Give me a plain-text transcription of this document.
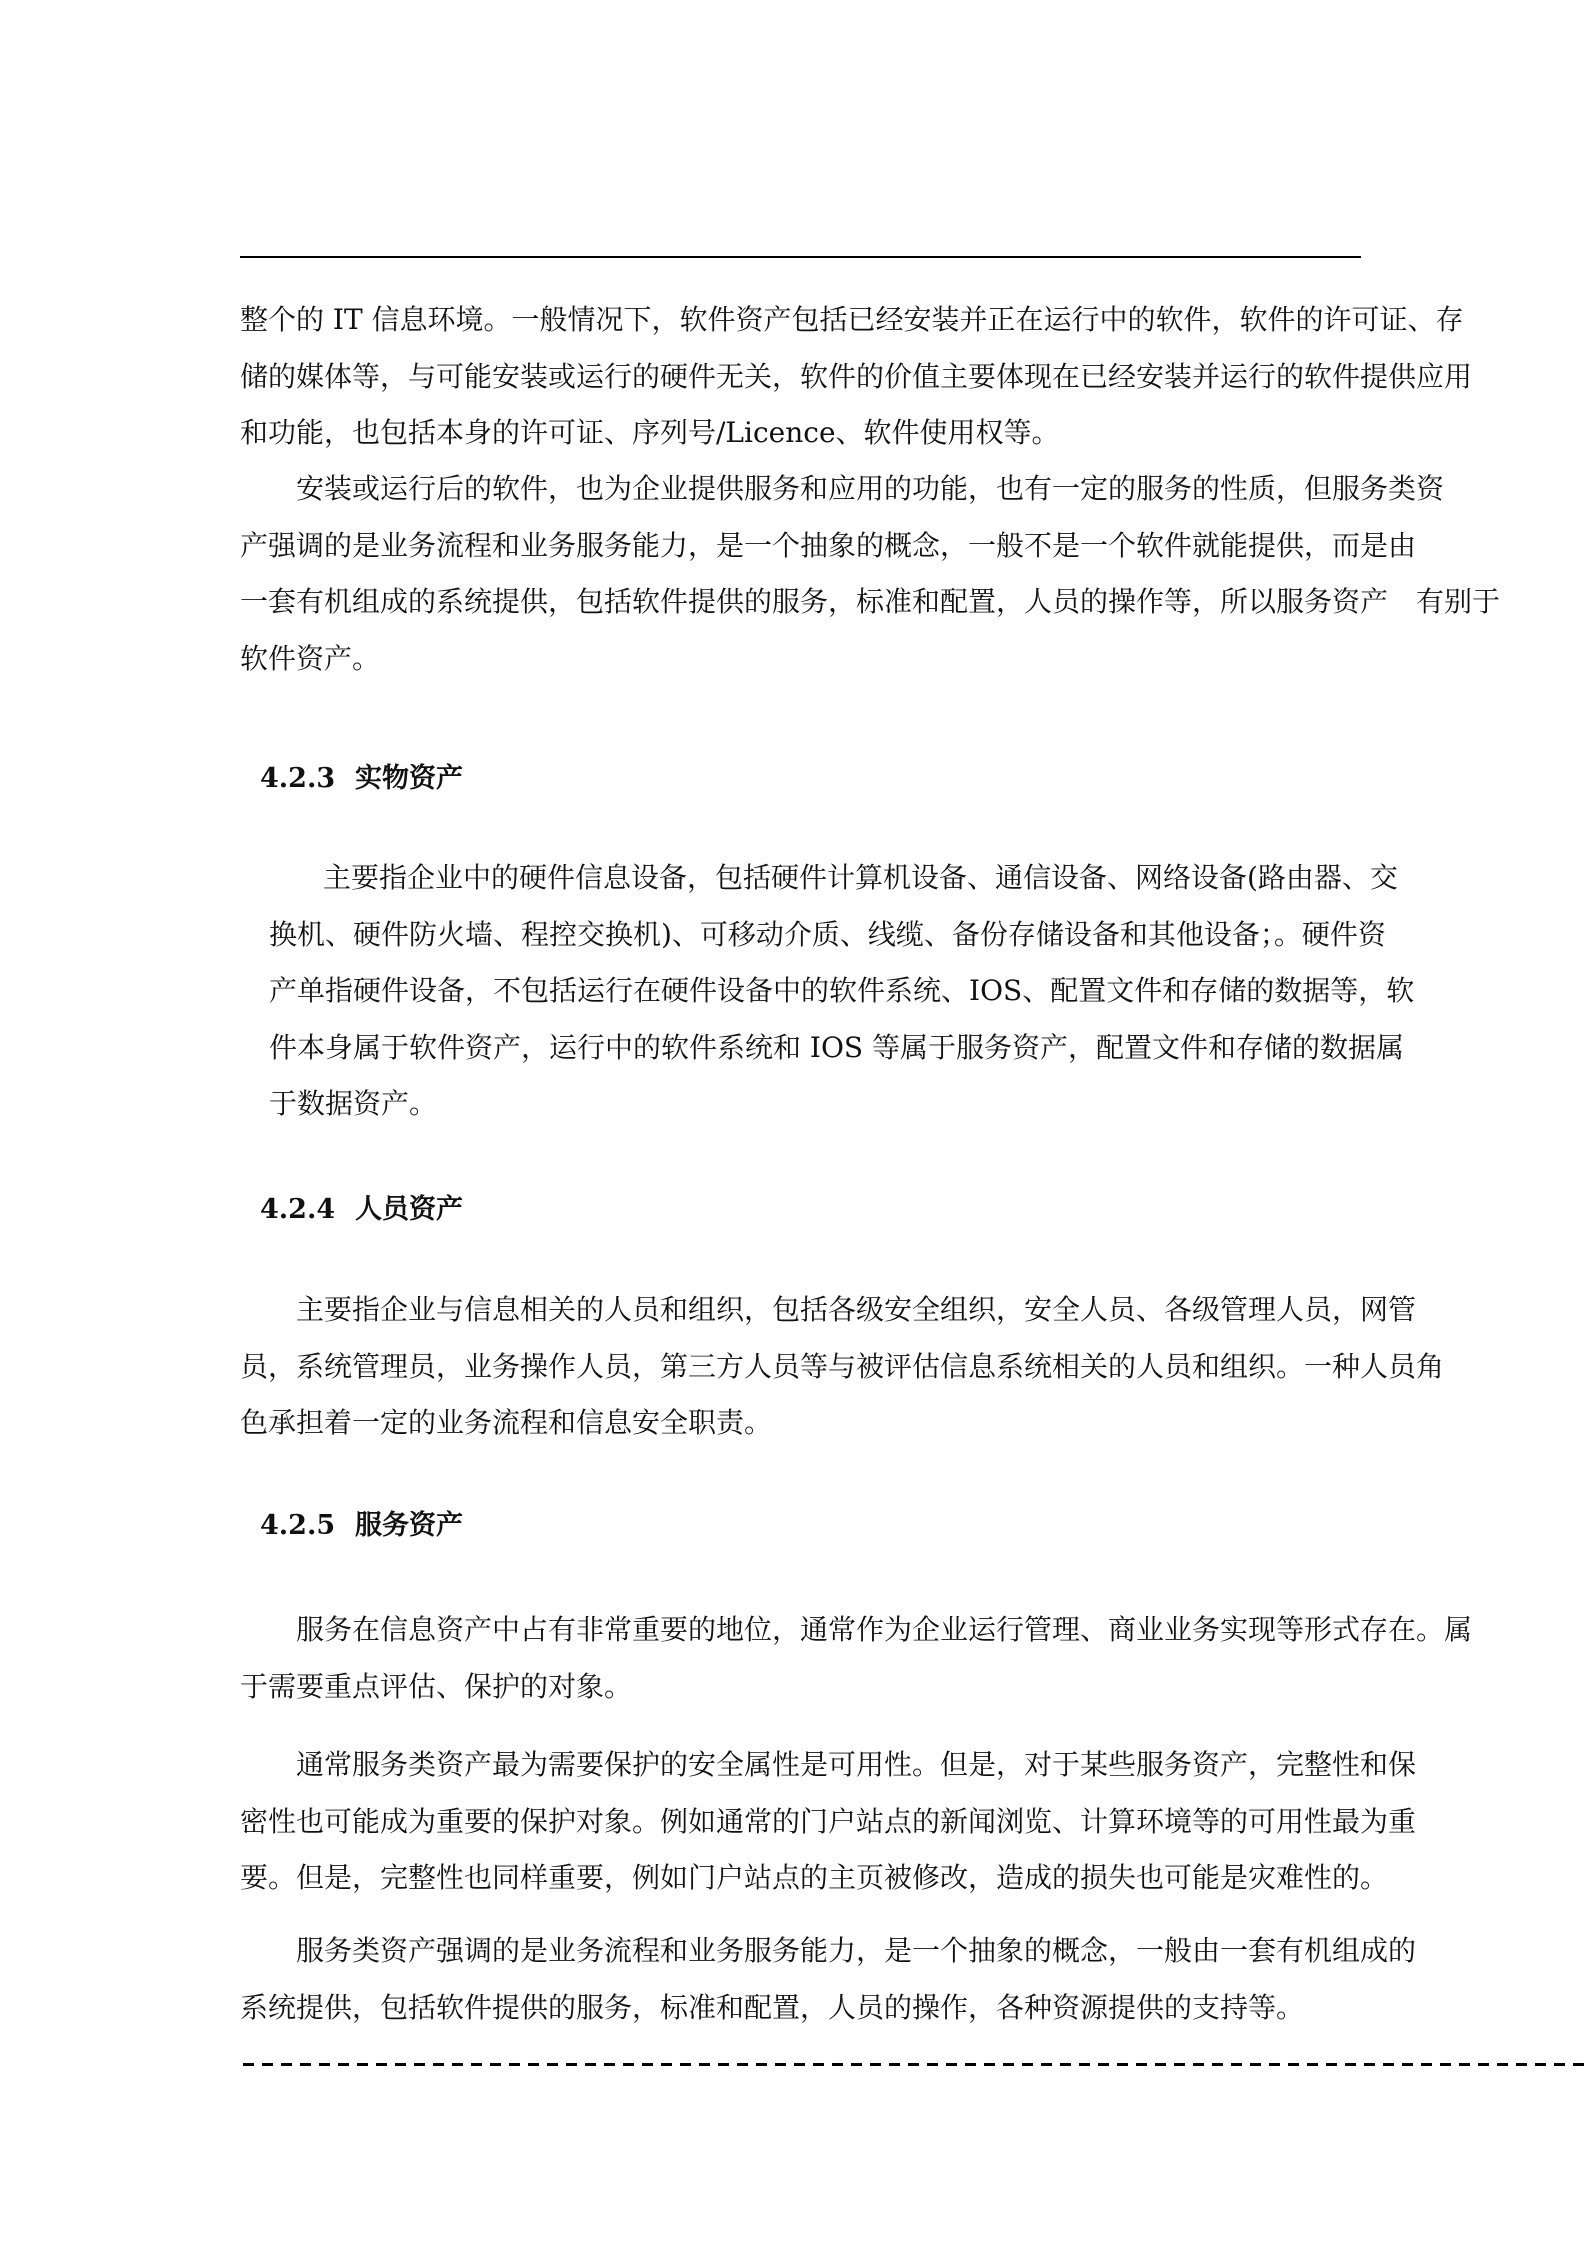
整个的 IT 信息环境。一般情况下，软件资产包括已经安装并正在运行中的软件，软件的许可证、存
储的媒体等，与可能安装或运行的硬件无关，软件的价值主要体现在已经安装并运行的软件提供应用
和功能，也包括本身的许可证、序列号/Licence、软件使用权等。
安装或运行后的软件，也为企业提供服务和应用的功能，也有一定的服务的性质，但服务类资
产强调的是业务流程和业务服务能力，是一个抽象的概念，一般不是一个软件就能提供，而是由
一套有机组成的系统提供，包括软件提供的服务，标准和配置，人员的操作等，所以服务资产　有别于
软件资产。
4.2.3 实物资产
主要指企业中的硬件信息设备，包括硬件计算机设备、通信设备、网络设备(路由器、交
换机、硬件防火墙、程控交换机)、可移动介质、线缆、备份存储设备和其他设备；。硬件资
产单指硬件设备，不包括运行在硬件设备中的软件系统、IOS、配置文件和存储的数据等，软
件本身属于软件资产，运行中的软件系统和 IOS 等属于服务资产，配置文件和存储的数据属
于数据资产。
4.2.4 人员资产
主要指企业与信息相关的人员和组织，包括各级安全组织，安全人员、各级管理人员，网管
员，系统管理员，业务操作人员，第三方人员等与被评估信息系统相关的人员和组织。一种人员角
色承担着一定的业务流程和信息安全职责。
4.2.5 服务资产
服务在信息资产中占有非常重要的地位，通常作为企业运行管理、商业业务实现等形式存在。属
于需要重点评估、保护的对象。
通常服务类资产最为需要保护的安全属性是可用性。但是，对于某些服务资产，完整性和保
密性也可能成为重要的保护对象。例如通常的门户站点的新闻浏览、计算环境等的可用性最为重
要。但是，完整性也同样重要，例如门户站点的主页被修改，造成的损失也可能是灾难性的。
服务类资产强调的是业务流程和业务服务能力，是一个抽象的概念，一般由一套有机组成的
系统提供，包括软件提供的服务，标准和配置，人员的操作，各种资源提供的支持等。
